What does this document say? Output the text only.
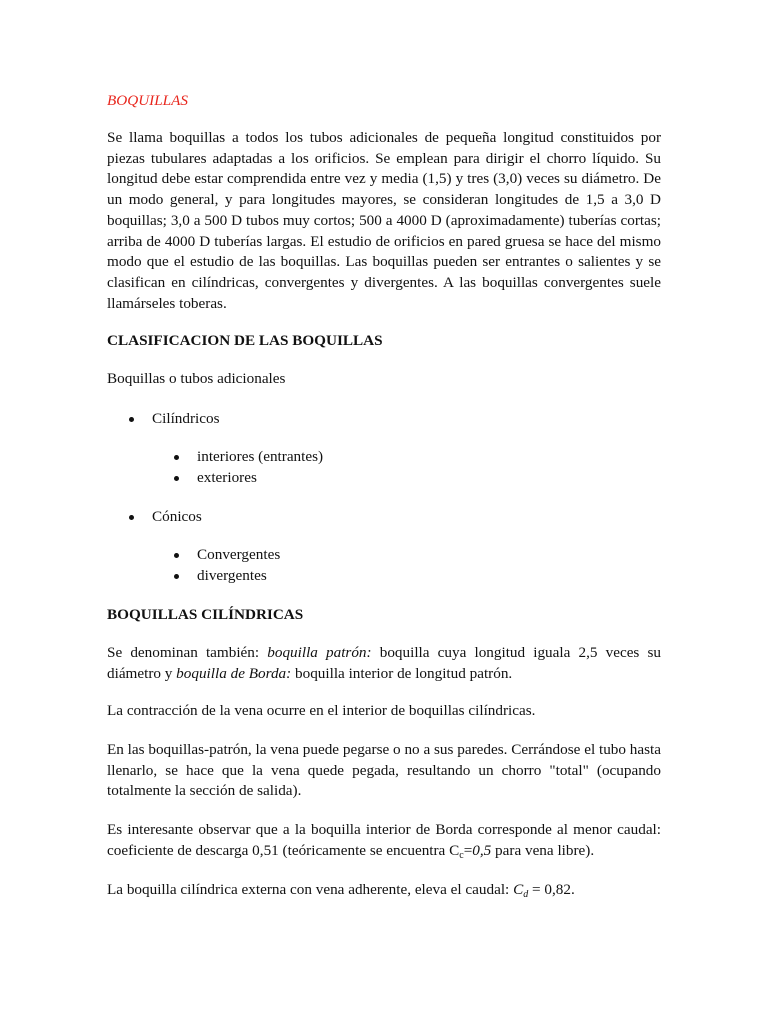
BOQUILLAS

Se llama boquillas a todos los tubos adicionales de pequeña longitud constituidos por

piezas tubulares adaptadas a los orificios. Se emplean para dirigir el chorro líquido. Su

longitud debe estar comprendida entre vez y media (1,5) y tres (3,0) veces su diámetro. De

un modo general, y para longitudes mayores, se consideran longitudes de 1,5 a 3,0 D

boquillas; 3,0 a 500 D tubos muy cortos; 500 a 4000 D (aproximadamente) tuberías cortas;

arriba de 4000 D tuberías largas. El estudio de orificios en pared gruesa se hace del mismo

modo que el estudio de las boquillas. Las boquillas pueden ser entrantes o salientes y se

clasifican en cilíndricas, convergentes y divergentes. A las boquillas convergentes suele

llamárseles toberas.

CLASIFICACION DE LAS BOQUILLAS
Boquillas o tubos adicionales
Cilíndricos
interiores (entrantes)
exteriores
Cónicos
Convergentes
divergentes
BOQUILLAS CILÍNDRICAS

Se denominan también: boquilla patrón: boquilla cuya longitud iguala 2,5 veces su

diámetro y boquilla de Borda: boquilla interior de longitud patrón.

La contracción de la vena ocurre en el interior de boquillas cilíndricas.

En las boquillas-patrón, la vena puede pegarse o no a sus paredes. Cerrándose el tubo hasta

llenarlo, se hace que la vena quede pegada, resultando un chorro "total" (ocupando

totalmente la sección de salida).

Es interesante observar que a la boquilla interior de Borda corresponde al menor caudal:

coeficiente de descarga 0,51 (teóricamente se encuentra $C_c=0,5$ para vena libre).

La boquilla cilíndrica externa con vena adherente, eleva el caudal: $C_d = 0,82$.
